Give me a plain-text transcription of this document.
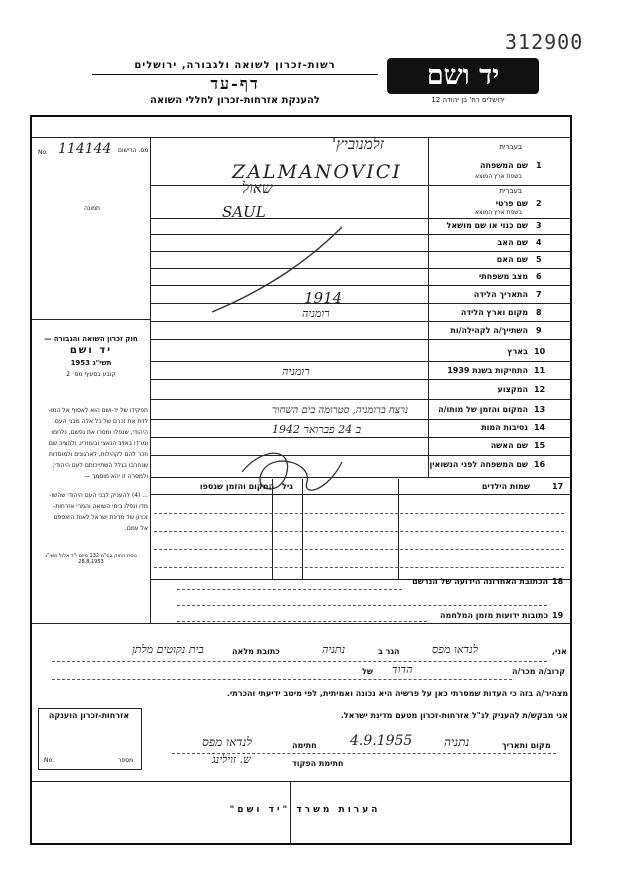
312900
יד ושם
ירושלים רח' בן יהודה 12
רשות-זכרון לשואה ולגבורה, ירושלים
דף-עד
להענקת אזרחות-זכרון לחללי השואה
מס. הרישום
No. 114144
תמונה
חוק זכרון השואה והגבורה —
יד ושם
תשי"ג 1953
קובע בסעיף מס׳ 2
תפקידו של יד-ושם הוא לאסוף אל המו-
לדת את זכרם של כל אלה מבני העם
היהודי, שנפלו ומסרו את נפשם, נלחמו
ומרדו באויב הנאצי ובעוזריו, ולהציב שם
וזכר להם לקהילות, לארגונים ולמוסדות
שנחרבו בגלל השתייכותם לעם היהודי;
ולמסרה זו יהא מוסמך —
... (4) להעניק לבני העם היהודי שהשו-
מדו ונפלו בימי השואה והמרי אזרחות-
זכרון של מדינת ישראל לאות היאספם
אל עמם.
נוסח החוק בס"ח 132 מיום י"ד אלול תשי"ג 28.8.1953
שם המשפחה 1
בעברית
בשפת ארץ המוצא
זלמנוביץ'
ZALMANOVICI
שם פרטי 2
בעברית
בשפת ארץ המוצא
שאול
SAUL
שם כנוי או שם מושאל 3
שם האב 4
שם האם 5
מצב משפחתי 6
התאריך הלידה 7
1914
מקום וארץ הלידה 8
רומניה
השתייך/ה לקהילה/ות 9
בארץ 10
התחיקות בשנת 1939 11
רומניה
המקצוע 12
המקום והזמן של מותו/ה 13
נרצח ברומניה, סטרומה בים השחור
נסיבות המות 14
ב 24 פברואר 1942
שם האשה 15
שם המשפחה לפני הנשואין 16
17
שמות הילדים
גיל
המקום והזמן שנספו
18
הכתובת האחרונה הידועה של הנרשם
19
כתובות ידועות מזמן המלחמה
אני,
לנדאו מפס
הגר ב
נתניה
כתובת מלאה
בית נקוטים מלתן
קרוב/ה מכר/ה
הדוד
של
מצהיר/ה בזה כי העדות שמסרתי כאן על פרשיה היא נכונה ואמיתית, לפי מיטב ידיעתי והכרתי.
אני מבקש/ת להעניק לנ"ל אזרחות-זכרון מטעם מדינת ישראל.
מקום ותאריך
נתניה
4.9.1955
חתימה
לנדאו מפס
חתימת הפקוד
ש. זוילינג
אזרחות-זכרון הוענקה
No.	מספר
הערות משרד "יד ושם"
